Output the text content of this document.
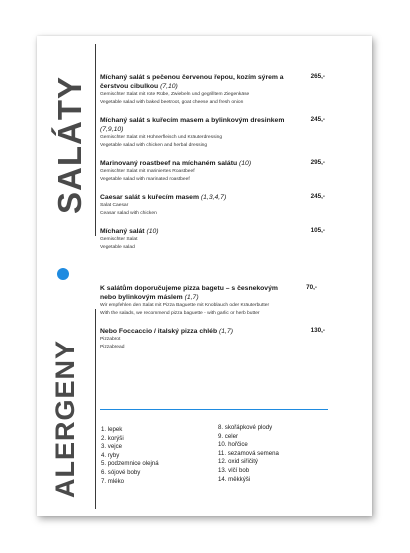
SALÁTY
ALERGENY
Míchaný salát s pečenou červenou řepou, kozím sýrem a čerstvou cibulkou (7,10)
Gemischter Salat mit rote Rübe, Zwiebeln und gegrilltem Ziegenkäse
Vegetable salad with baked beetroot, goat cheese and fresh onion
265,-
Míchaný salát s kuřecím masem a bylinkovým dresinkem (7,9,10)
Gemischter Salat mit Hühnerfleisch und Kräuterdressing
Vegetable salad with chicken and herbal dressing
245,-
Marinovaný roastbeef na míchaném salátu (10)
Gemischter Salat mit mariniertes Roastbeef
Vegetable salad with marinated roastbeef
295,-
Caesar salát s kuřecím masem (1,3,4,7)
Salat Caesar
Ceasar salad with chicken
245,-
Míchaný salát (10)
Gemischter Salat
Vegetable salad
105,-
K salátům doporučujeme pizza bagetu – s česnekovým nebo bylinkovým máslem (1,7)
Wir empfehlen den Salat mit Pizza Baguette mit Knoblauch oder Kräuterbutter
With the salads, we recommend pizza baguette - with garlic or herb butter
70,-
Nebo Foccaccio / italský pizza chléb (1,7)
Pizzabrot
Pizzabread
130,-
1. lepek
2. korýši
3. vejce
4. ryby
5. podzemnice olejná
6. sójové boby
7. mléko
8. skořápkové plody
9. celer
10. hořčice
11. sezamová semena
12. oxid siřičitý
13. vlčí bob
14. měkkýši
